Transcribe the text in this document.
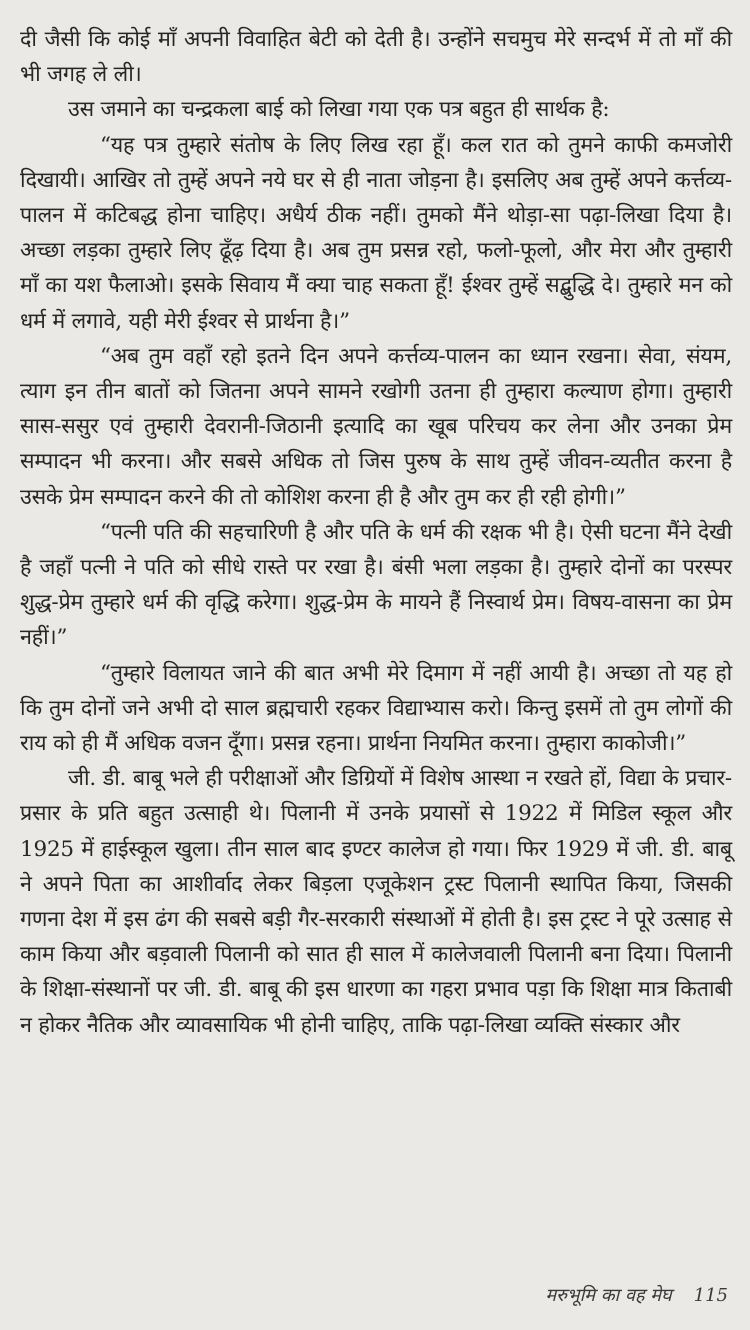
दी जैसी कि कोई माँ अपनी विवाहित बेटी को देती है। उन्होंने सचमुच मेरे सन्दर्भ में तो माँ की भी जगह ले ली।

उस जमाने का चन्द्रकला बाई को लिखा गया एक पत्र बहुत ही सार्थक है:

“यह पत्र तुम्हारे संतोष के लिए लिख रहा हूँ। कल रात को तुमने काफी कमजोरी दिखायी। आखिर तो तुम्हें अपने नये घर से ही नाता जोड़ना है। इसलिए अब तुम्हें अपने कर्त्तव्य-पालन में कटिबद्ध होना चाहिए। अधैर्य ठीक नहीं। तुमको मैंने थोड़ा-सा पढ़ा-लिखा दिया है। अच्छा लड़का तुम्हारे लिए ढूँढ़ दिया है। अब तुम प्रसन्न रहो, फलो-फूलो, और मेरा और तुम्हारी माँ का यश फैलाओ। इसके सिवाय मैं क्या चाह सकता हूँ! ईश्वर तुम्हें सद्बुद्धि दे। तुम्हारे मन को धर्म में लगावे, यही मेरी ईश्वर से प्रार्थना है।”

“अब तुम वहाँ रहो इतने दिन अपने कर्त्तव्य-पालन का ध्यान रखना। सेवा, संयम, त्याग इन तीन बातों को जितना अपने सामने रखोगी उतना ही तुम्हारा कल्याण होगा। तुम्हारी सास-ससुर एवं तुम्हारी देवरानी-जिठानी इत्यादि का खूब परिचय कर लेना और उनका प्रेम सम्पादन भी करना। और सबसे अधिक तो जिस पुरुष के साथ तुम्हें जीवन-व्यतीत करना है उसके प्रेम सम्पादन करने की तो कोशिश करना ही है और तुम कर ही रही होगी।”

“पत्नी पति की सहचारिणी है और पति के धर्म की रक्षक भी है। ऐसी घटना मैंने देखी है जहाँ पत्नी ने पति को सीधे रास्ते पर रखा है। बंसी भला लड़का है। तुम्हारे दोनों का परस्पर शुद्ध-प्रेम तुम्हारे धर्म की वृद्धि करेगा। शुद्ध-प्रेम के मायने हैं निस्वार्थ प्रेम। विषय-वासना का प्रेम नहीं।”

“तुम्हारे विलायत जाने की बात अभी मेरे दिमाग में नहीं आयी है। अच्छा तो यह हो कि तुम दोनों जने अभी दो साल ब्रह्मचारी रहकर विद्याभ्यास करो। किन्तु इसमें तो तुम लोगों की राय को ही मैं अधिक वजन दूँगा। प्रसन्न रहना। प्रार्थना नियमित करना। तुम्हारा काकोजी।”

जी. डी. बाबू भले ही परीक्षाओं और डिग्रियों में विशेष आस्था न रखते हों, विद्या के प्रचार-प्रसार के प्रति बहुत उत्साही थे। पिलानी में उनके प्रयासों से 1922 में मिडिल स्कूल और 1925 में हाईस्कूल खुला। तीन साल बाद इण्टर कालेज हो गया। फिर 1929 में जी. डी. बाबू ने अपने पिता का आशीर्वाद लेकर बिड़ला एजूकेशन ट्रस्ट पिलानी स्थापित किया, जिसकी गणना देश में इस ढंग की सबसे बड़ी गैर-सरकारी संस्थाओं में होती है। इस ट्रस्ट ने पूरे उत्साह से काम किया और बड़वाली पिलानी को सात ही साल में कालेजवाली पिलानी बना दिया। पिलानी के शिक्षा-संस्थानों पर जी. डी. बाबू की इस धारणा का गहरा प्रभाव पड़ा कि शिक्षा मात्र किताबी न होकर नैतिक और व्यावसायिक भी होनी चाहिए, ताकि पढ़ा-लिखा व्यक्ति संस्कार और

मरुभूमि का वह मेघ 115
